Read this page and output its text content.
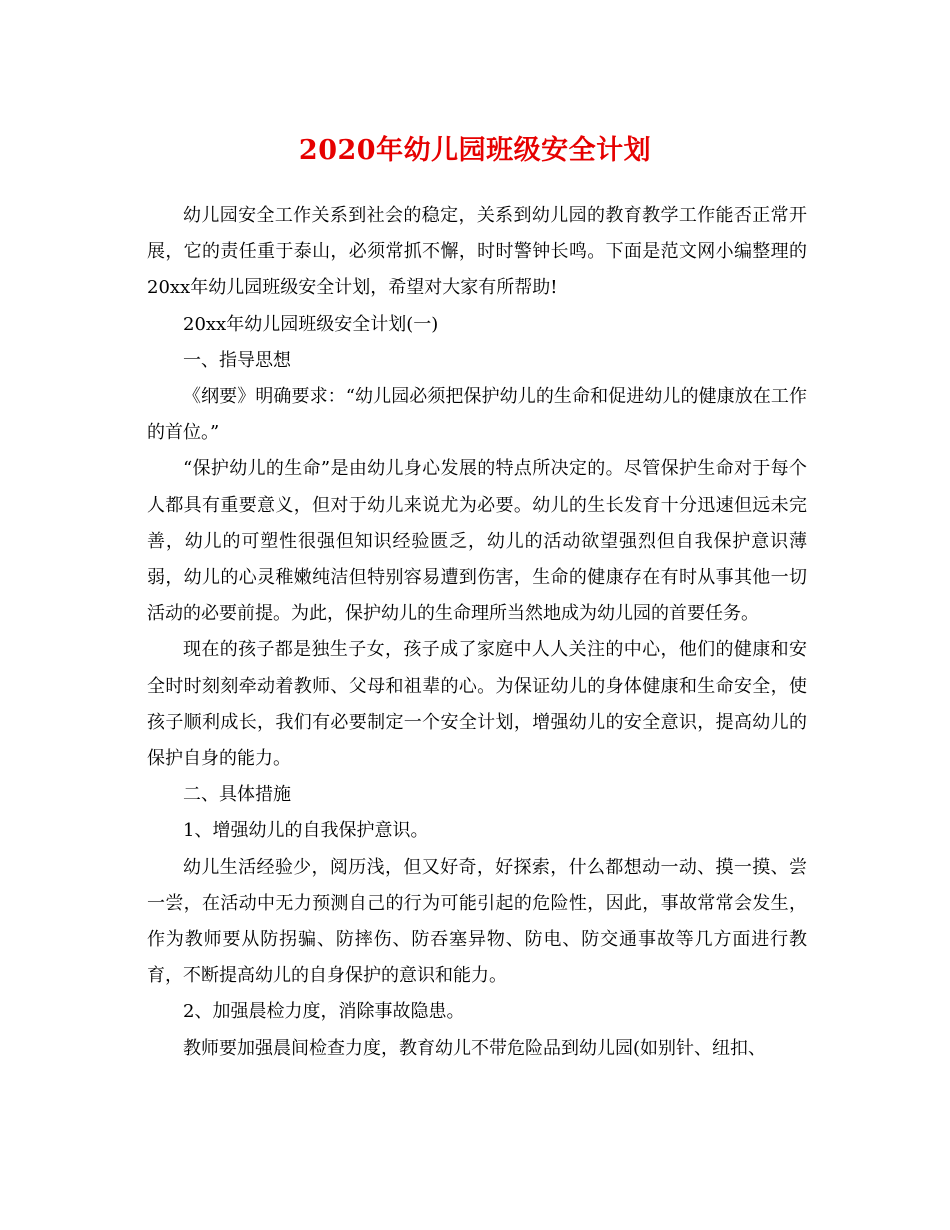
2020年幼儿园班级安全计划

幼儿园安全工作关系到社会的稳定，关系到幼儿园的教育教学工作能否正常开展，它的责任重于泰山，必须常抓不懈，时时警钟长鸣。下面是范文网小编整理的20xx年幼儿园班级安全计划，希望对大家有所帮助!

20xx年幼儿园班级安全计划(一)

一、指导思想

《纲要》明确要求：“幼儿园必须把保护幼儿的生命和促进幼儿的健康放在工作的首位。”

“保护幼儿的生命”是由幼儿身心发展的特点所决定的。尽管保护生命对于每个人都具有重要意义，但对于幼儿来说尤为必要。幼儿的生长发育十分迅速但远未完善，幼儿的可塑性很强但知识经验匮乏，幼儿的活动欲望强烈但自我保护意识薄弱，幼儿的心灵稚嫩纯洁但特别容易遭到伤害，生命的健康存在有时从事其他一切活动的必要前提。为此，保护幼儿的生命理所当然地成为幼儿园的首要任务。

现在的孩子都是独生子女，孩子成了家庭中人人关注的中心，他们的健康和安全时时刻刻牵动着教师、父母和祖辈的心。为保证幼儿的身体健康和生命安全，使孩子顺利成长，我们有必要制定一个安全计划，增强幼儿的安全意识，提高幼儿的保护自身的能力。

二、具体措施

1、增强幼儿的自我保护意识。

幼儿生活经验少，阅历浅，但又好奇，好探索，什么都想动一动、摸一摸、尝一尝，在活动中无力预测自己的行为可能引起的危险性，因此，事故常常会发生，作为教师要从防拐骗、防摔伤、防吞塞异物、防电、防交通事故等几方面进行教育，不断提高幼儿的自身保护的意识和能力。

2、加强晨检力度，消除事故隐患。

教师要加强晨间检查力度，教育幼儿不带危险品到幼儿园(如别针、纽扣、
